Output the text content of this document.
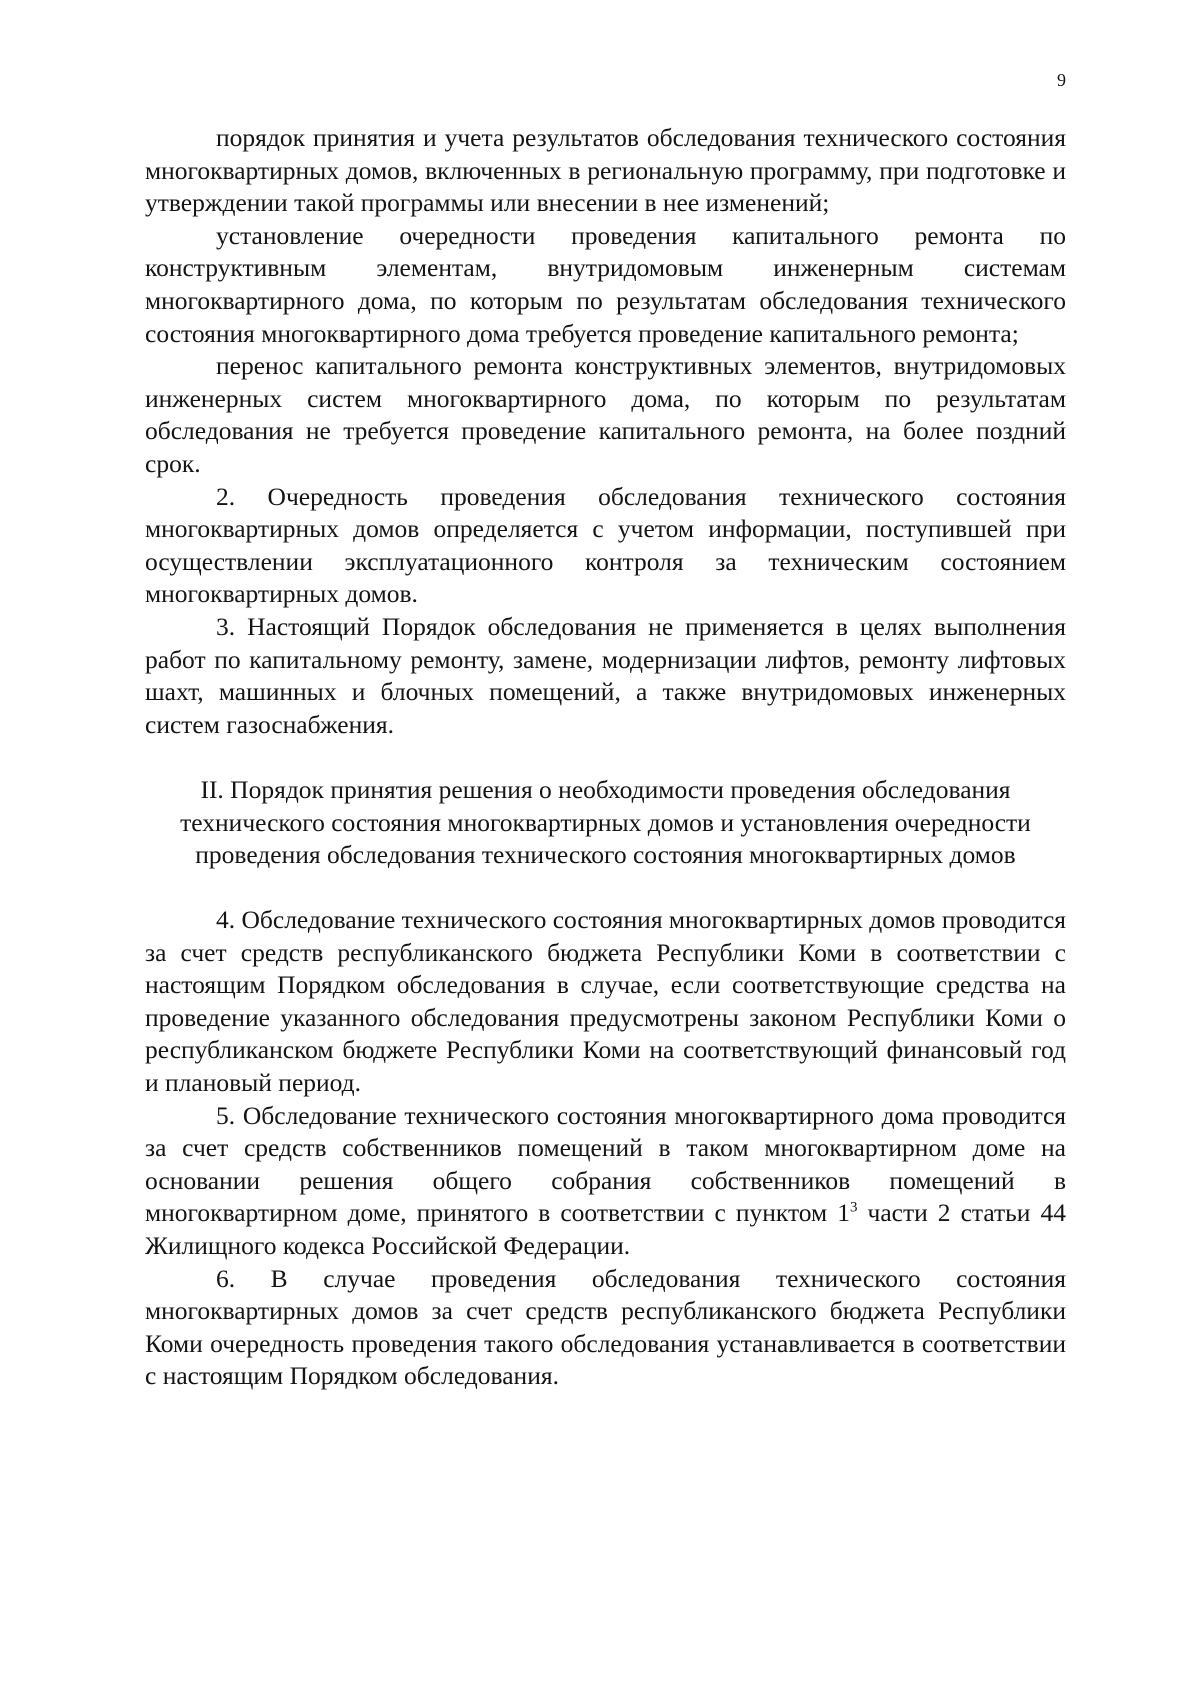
9

порядок принятия и учета результатов обследования технического состояния многоквартирных домов, включенных в региональную программу, при подготовке и утверждении такой программы или внесении в нее изменений;

установление очередности проведения капитального ремонта по конструктивным элементам, внутридомовым инженерным системам многоквартирного дома, по которым по результатам обследования технического состояния многоквартирного дома требуется проведение капитального ремонта;

перенос капитального ремонта конструктивных элементов, внутридомовых инженерных систем многоквартирного дома, по которым по результатам обследования не требуется проведение капитального ремонта, на более поздний срок.

2. Очередность проведения обследования технического состояния многоквартирных домов определяется с учетом информации, поступившей при осуществлении эксплуатационного контроля за техническим состоянием многоквартирных домов.

3. Настоящий Порядок обследования не применяется в целях выполнения работ по капитальному ремонту, замене, модернизации лифтов, ремонту лифтовых шахт, машинных и блочных помещений, а также внутридомовых инженерных систем газоснабжения.

II. Порядок принятия решения о необходимости проведения обследования технического состояния многоквартирных домов и установления очередности проведения обследования технического состояния многоквартирных домов

4. Обследование технического состояния многоквартирных домов проводится за счет средств республиканского бюджета Республики Коми в соответствии с настоящим Порядком обследования в случае, если соответствующие средства на проведение указанного обследования предусмотрены законом Республики Коми о республиканском бюджете Республики Коми на соответствующий финансовый год и плановый период.

5. Обследование технического состояния многоквартирного дома проводится за счет средств собственников помещений в таком многоквартирном доме на основании решения общего собрания собственников помещений в многоквартирном доме, принятого в соответствии с пунктом $1^3$ части 2 статьи 44 Жилищного кодекса Российской Федерации.

6. В случае проведения обследования технического состояния многоквартирных домов за счет средств республиканского бюджета Республики Коми очередность проведения такого обследования устанавливается в соответствии с настоящим Порядком обследования.
